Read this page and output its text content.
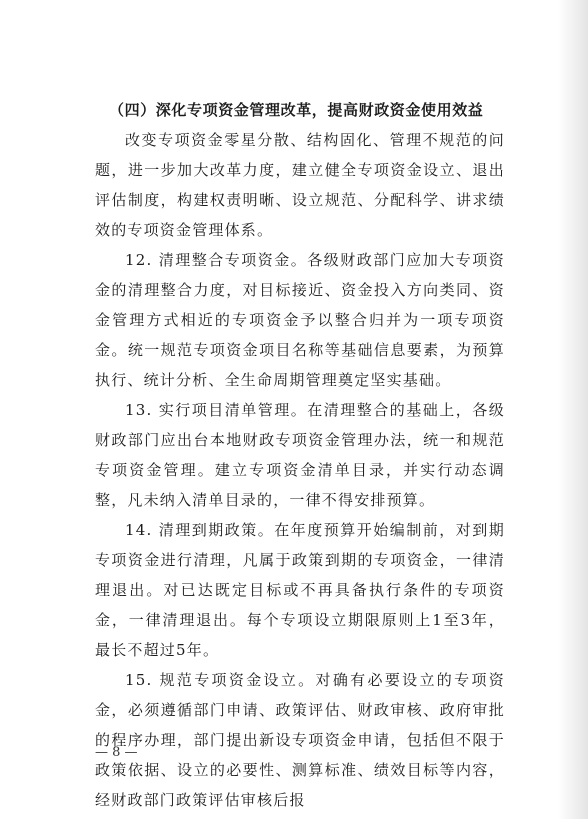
（四）深化专项资金管理改革，提高财政资金使用效益

改变专项资金零星分散、结构固化、管理不规范的问题，进一步加大改革力度，建立健全专项资金设立、退出评估制度，构建权责明晰、设立规范、分配科学、讲求绩效的专项资金管理体系。

12. 清理整合专项资金。各级财政部门应加大专项资金的清理整合力度，对目标接近、资金投入方向类同、资金管理方式相近的专项资金予以整合归并为一项专项资金。统一规范专项资金项目名称等基础信息要素，为预算执行、统计分析、全生命周期管理奠定坚实基础。

13. 实行项目清单管理。在清理整合的基础上，各级财政部门应出台本地财政专项资金管理办法，统一和规范专项资金管理。建立专项资金清单目录，并实行动态调整，凡未纳入清单目录的，一律不得安排预算。

14. 清理到期政策。在年度预算开始编制前，对到期专项资金进行清理，凡属于政策到期的专项资金，一律清理退出。对已达既定目标或不再具备执行条件的专项资金，一律清理退出。每个专项设立期限原则上1至3年，最长不超过5年。

15. 规范专项资金设立。对确有必要设立的专项资金，必须遵循部门申请、政策评估、财政审核、政府审批的程序办理，部门提出新设专项资金申请，包括但不限于政策依据、设立的必要性、测算标准、绩效目标等内容，经财政部门政策评估审核后报

— 8 —
